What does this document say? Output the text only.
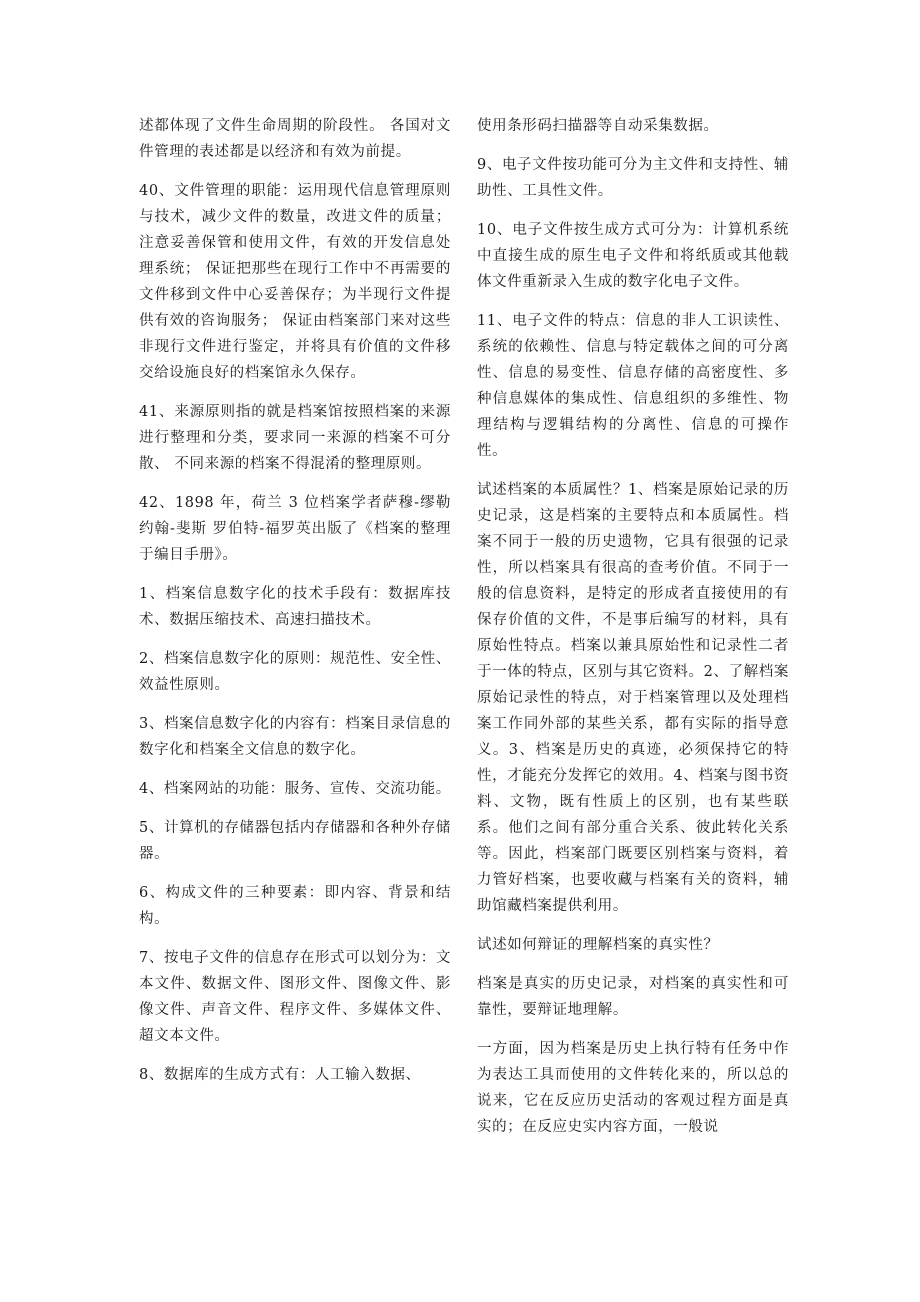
述都体现了文件生命周期的阶段性。 各国对文件管理的表述都是以经济和有效为前提。

40、文件管理的职能：运用现代信息管理原则与技术，减少文件的数量，改进文件的质量； 注意妥善保管和使用文件，有效的开发信息处理系统； 保证把那些在现行工作中不再需要的文件移到文件中心妥善保存；为半现行文件提供有效的咨询服务； 保证由档案部门来对这些非现行文件进行鉴定，并将具有价值的文件移交给设施良好的档案馆永久保存。

41、来源原则指的就是档案馆按照档案的来源进行整理和分类，要求同一来源的档案不可分散、 不同来源的档案不得混淆的整理原则。

42、1898 年，荷兰 3 位档案学者萨穆-缪勒约翰-斐斯 罗伯特-福罗英出版了《档案的整理于编目手册》。

1、档案信息数字化的技术手段有：数据库技术、数据压缩技术、高速扫描技术。

2、档案信息数字化的原则：规范性、安全性、效益性原则。

3、档案信息数字化的内容有：档案目录信息的数字化和档案全文信息的数字化。

4、档案网站的功能：服务、宣传、交流功能。

5、计算机的存储器包括内存储器和各种外存储器。

6、构成文件的三种要素：即内容、背景和结构。

7、按电子文件的信息存在形式可以划分为：文本文件、数据文件、图形文件、图像文件、影像文件、声音文件、程序文件、多媒体文件、超文本文件。

8、数据库的生成方式有：人工输入数据、

使用条形码扫描器等自动采集数据。

9、电子文件按功能可分为主文件和支持性、辅助性、工具性文件。

10、电子文件按生成方式可分为：计算机系统中直接生成的原生电子文件和将纸质或其他载体文件重新录入生成的数字化电子文件。

11、电子文件的特点：信息的非人工识读性、系统的依赖性、信息与特定载体之间的可分离性、信息的易变性、信息存储的高密度性、多种信息媒体的集成性、信息组织的多维性、物理结构与逻辑结构的分离性、信息的可操作性。

试述档案的本质属性？1、档案是原始记录的历史记录，这是档案的主要特点和本质属性。档案不同于一般的历史遗物，它具有很强的记录性，所以档案具有很高的查考价值。不同于一般的信息资料，是特定的形成者直接使用的有保存价值的文件，不是事后编写的材料，具有原始性特点。档案以兼具原始性和记录性二者于一体的特点，区别与其它资料。2、了解档案原始记录性的特点，对于档案管理以及处理档案工作同外部的某些关系，都有实际的指导意义。3、档案是历史的真迹，必须保持它的特性，才能充分发挥它的效用。4、档案与图书资料、文物，既有性质上的区别，也有某些联系。他们之间有部分重合关系、彼此转化关系等。因此，档案部门既要区别档案与资料，着力管好档案，也要收藏与档案有关的资料，辅助馆藏档案提供利用。

试述如何辩证的理解档案的真实性？

档案是真实的历史记录，对档案的真实性和可靠性，要辩证地理解。

一方面，因为档案是历史上执行特有任务中作为表达工具而使用的文件转化来的，所以总的说来，它在反应历史活动的客观过程方面是真实的；在反应史实内容方面，一般说
